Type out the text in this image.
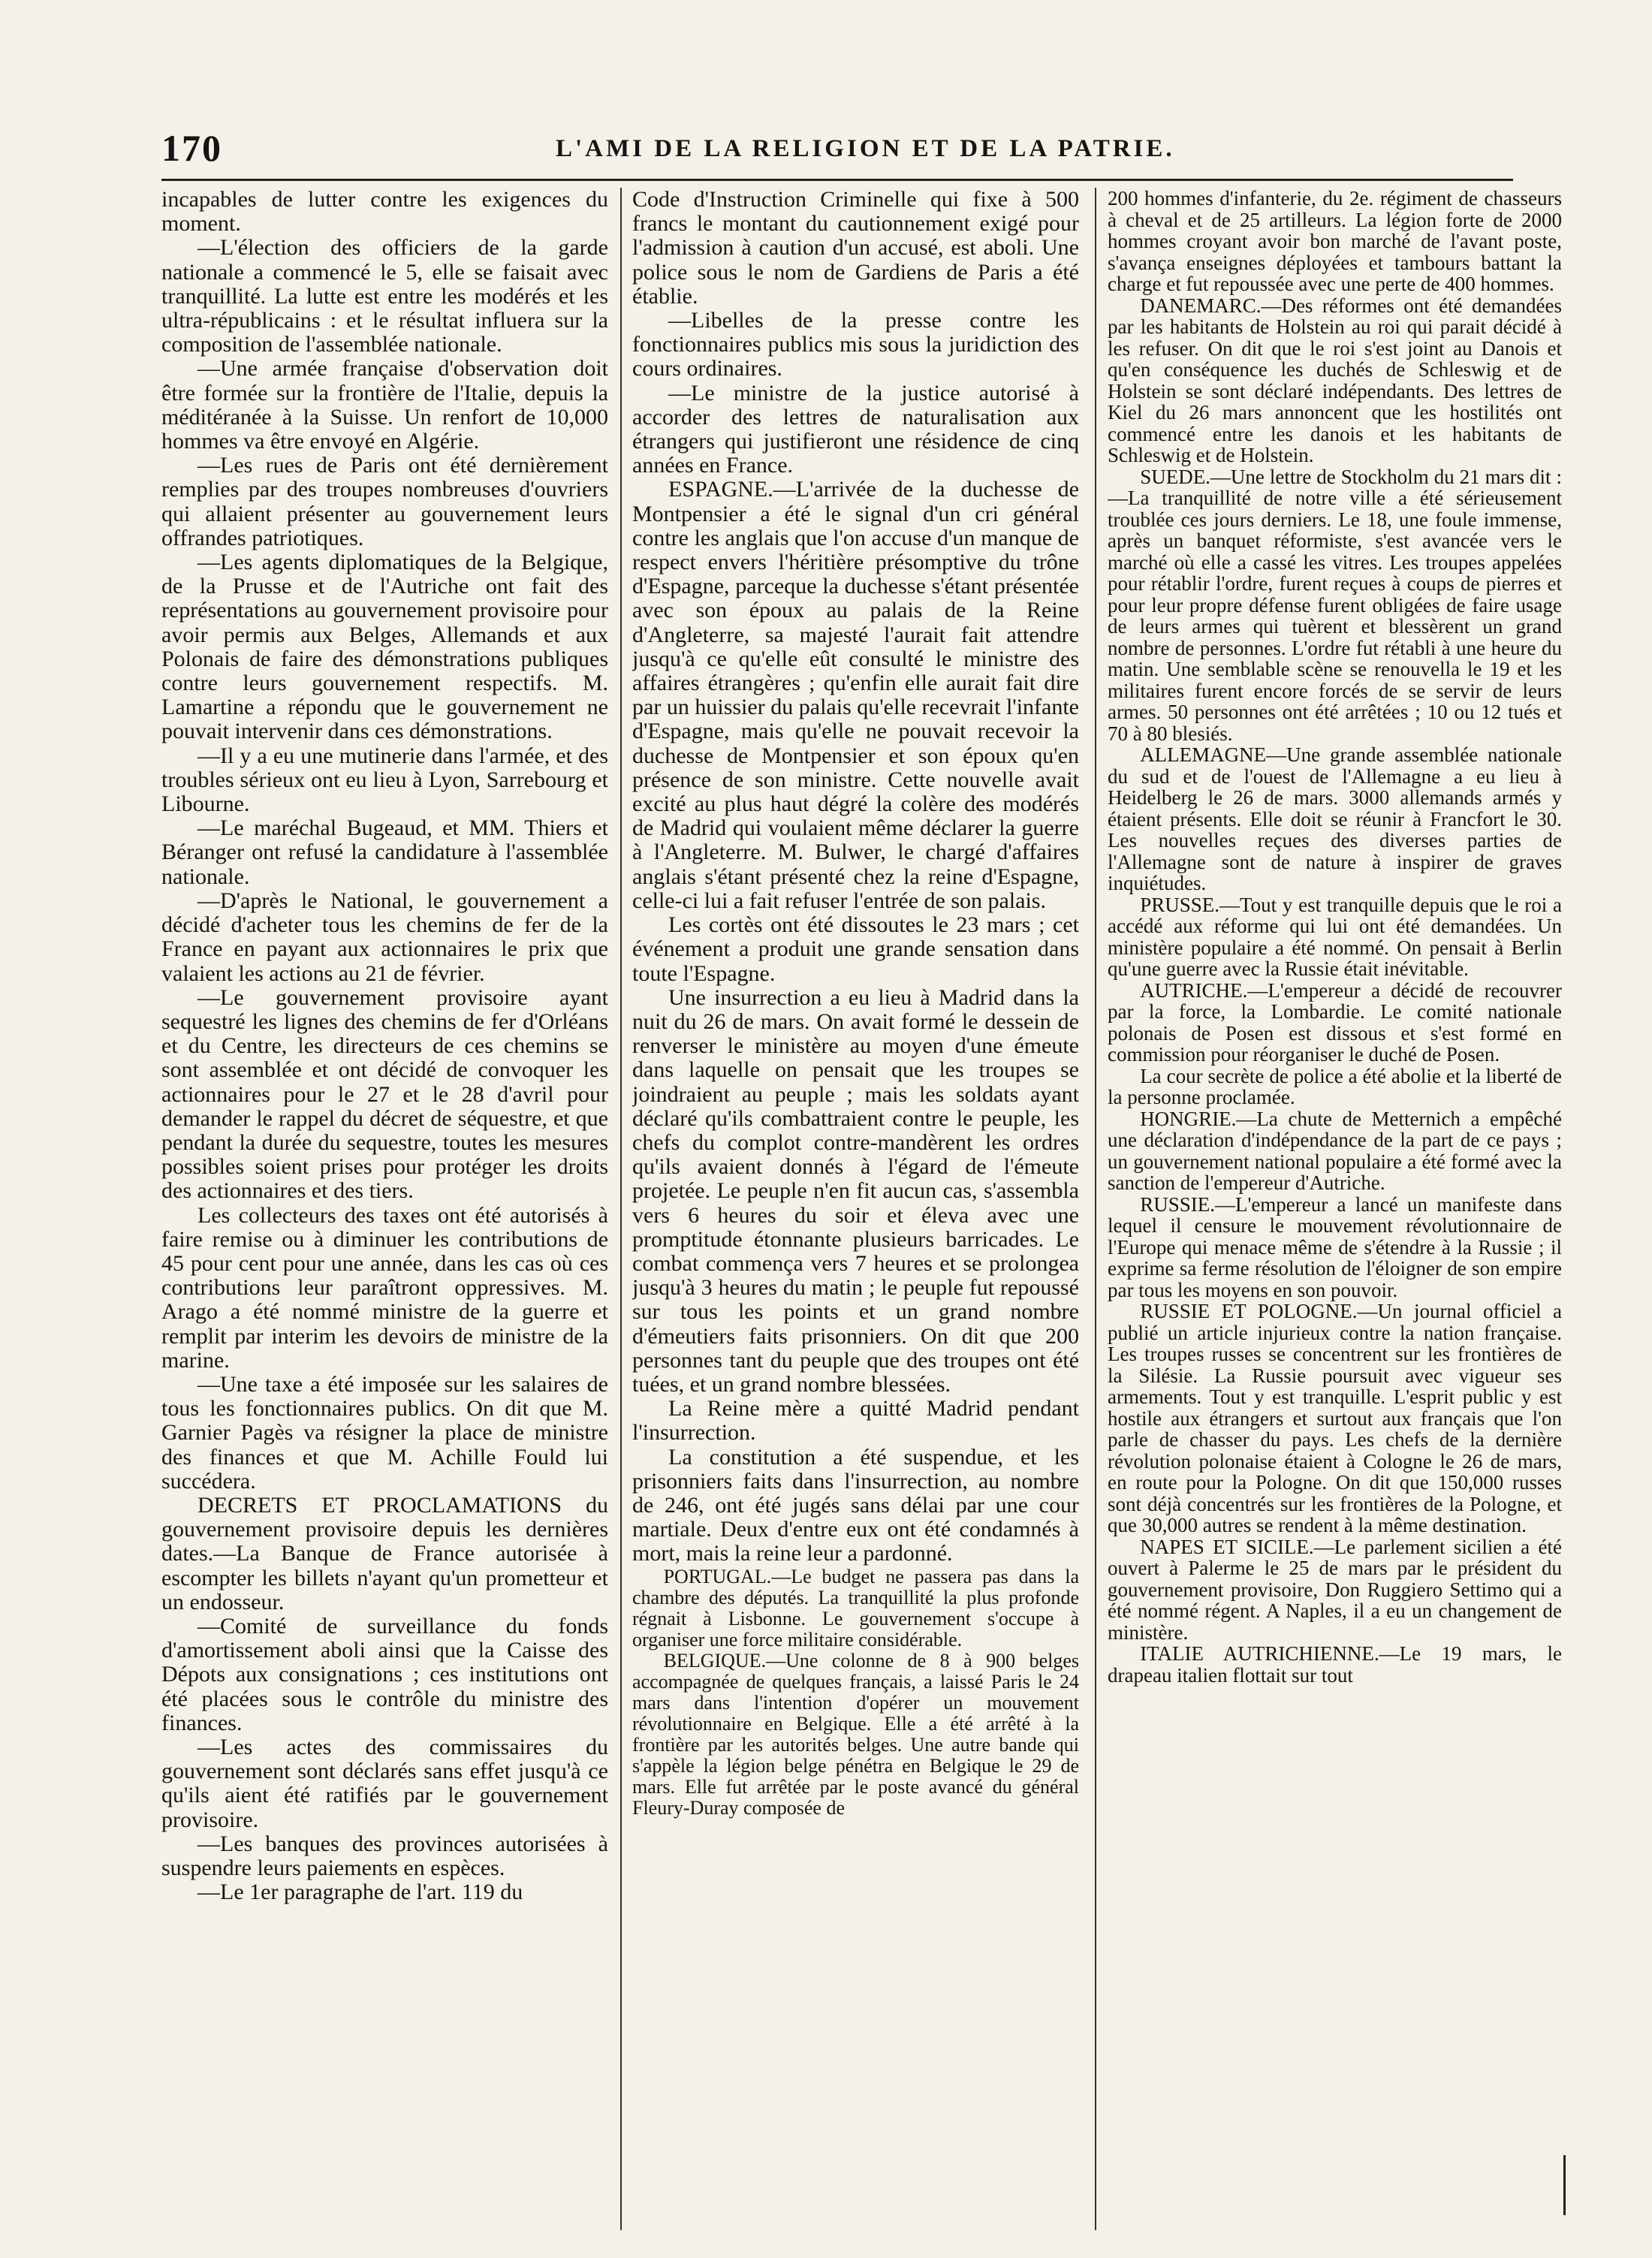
170	L'AMI DE LA RELIGION ET DE LA PATRIE.

incapables de lutter contre les exigences du moment.

—L'élection des officiers de la garde nationale a commencé le 5, elle se faisait avec tranquillité. La lutte est entre les modérés et les ultra-républicains : et le résultat influera sur la composition de l'assemblée nationale.

—Une armée française d'observation doit être formée sur la frontière de l'Italie, depuis la méditéranée à la Suisse. Un renfort de 10,000 hommes va être envoyé en Algérie.

—Les rues de Paris ont été dernièrement remplies par des troupes nombreuses d'ouvriers qui allaient présenter au gouvernement leurs offrandes patriotiques.

—Les agents diplomatiques de la Belgique, de la Prusse et de l'Autriche ont fait des représentations au gouvernement provisoire pour avoir permis aux Belges, Allemands et aux Polonais de faire des démonstrations publiques contre leurs gouvernement respectifs. M. Lamartine a répondu que le gouvernement ne pouvait intervenir dans ces démonstrations.

—Il y a eu une mutinerie dans l'armée, et des troubles sérieux ont eu lieu à Lyon, Sarrebourg et Libourne.

—Le maréchal Bugeaud, et MM. Thiers et Béranger ont refusé la candidature à l'assemblée nationale.

—D'après le National, le gouvernement a décidé d'acheter tous les chemins de fer de la France en payant aux actionnaires le prix que valaient les actions au 21 de février.

—Le gouvernement provisoire ayant sequestré les lignes des chemins de fer d'Orléans et du Centre, les directeurs de ces chemins se sont assemblée et ont décidé de convoquer les actionnaires pour le 27 et le 28 d'avril pour demander le rappel du décret de séquestre, et que pendant la durée du sequestre, toutes les mesures possibles soient prises pour protéger les droits des actionnaires et des tiers.

Les collecteurs des taxes ont été autorisés à faire remise ou à diminuer les contributions de 45 pour cent pour une année, dans les cas où ces contributions leur paraîtront oppressives. M. Arago a été nommé ministre de la guerre et remplit par interim les devoirs de ministre de la marine.

—Une taxe a été imposée sur les salaires de tous les fonctionnaires publics. On dit que M. Garnier Pagès va résigner la place de ministre des finances et que M. Achille Fould lui succédera.

DECRETS ET PROCLAMATIONS du gouvernement provisoire depuis les dernières dates.—La Banque de France autorisée à escompter les billets n'ayant qu'un prometteur et un endosseur.

—Comité de surveillance du fonds d'amortissement aboli ainsi que la Caisse des Dépots aux consignations ; ces institutions ont été placées sous le contrôle du ministre des finances.

—Les actes des commissaires du gouvernement sont déclarés sans effet jusqu'à ce qu'ils aient été ratifiés par le gouvernement provisoire.

—Les banques des provinces autorisées à suspendre leurs paiements en espèces.

—Le 1er paragraphe de l'art. 119 du

Code d'Instruction Criminelle qui fixe à 500 francs le montant du cautionnement exigé pour l'admission à caution d'un accusé, est aboli. Une police sous le nom de Gardiens de Paris a été établie.

—Libelles de la presse contre les fonctionnaires publics mis sous la juridiction des cours ordinaires.

—Le ministre de la justice autorisé à accorder des lettres de naturalisation aux étrangers qui justifieront une résidence de cinq années en France.

ESPAGNE.—L'arrivée de la duchesse de Montpensier a été le signal d'un cri général contre les anglais que l'on accuse d'un manque de respect envers l'héritière présomptive du trône d'Espagne, parceque la duchesse s'étant présentée avec son époux au palais de la Reine d'Angleterre, sa majesté l'aurait fait attendre jusqu'à ce qu'elle eût consulté le ministre des affaires étrangères ; qu'enfin elle aurait fait dire par un huissier du palais qu'elle recevrait l'infante d'Espagne, mais qu'elle ne pouvait recevoir la duchesse de Montpensier et son époux qu'en présence de son ministre. Cette nouvelle avait excité au plus haut dégré la colère des modérés de Madrid qui voulaient même déclarer la guerre à l'Angleterre. M. Bulwer, le chargé d'affaires anglais s'étant présenté chez la reine d'Espagne, celle-ci lui a fait refuser l'entrée de son palais.

Les cortès ont été dissoutes le 23 mars ; cet événement a produit une grande sensation dans toute l'Espagne.

Une insurrection a eu lieu à Madrid dans la nuit du 26 de mars. On avait formé le dessein de renverser le ministère au moyen d'une émeute dans laquelle on pensait que les troupes se joindraient au peuple ; mais les soldats ayant déclaré qu'ils combattraient contre le peuple, les chefs du complot contre-mandèrent les ordres qu'ils avaient donnés à l'égard de l'émeute projetée. Le peuple n'en fit aucun cas, s'assembla vers 6 heures du soir et éleva avec une promptitude étonnante plusieurs barricades. Le combat commença vers 7 heures et se prolongea jusqu'à 3 heures du matin ; le peuple fut repoussé sur tous les points et un grand nombre d'émeutiers faits prisonniers. On dit que 200 personnes tant du peuple que des troupes ont été tuées, et un grand nombre blessées.

La Reine mère a quitté Madrid pendant l'insurrection.

La constitution a été suspendue, et les prisonniers faits dans l'insurrection, au nombre de 246, ont été jugés sans délai par une cour martiale. Deux d'entre eux ont été condamnés à mort, mais la reine leur a pardonné.

PORTUGAL.—Le budget ne passera pas dans la chambre des députés. La tranquillité la plus profonde régnait à Lisbonne. Le gouvernement s'occupe à organiser une force militaire considérable.

BELGIQUE.—Une colonne de 8 à 900 belges accompagnée de quelques français, a laissé Paris le 24 mars dans l'intention d'opérer un mouvement révolutionnaire en Belgique. Elle a été arrêté à la frontière par les autorités belges. Une autre bande qui s'appèle la légion belge pénétra en Belgique le 29 de mars. Elle fut arrêtée par le poste avancé du général Fleury-Duray composée de

200 hommes d'infanterie, du 2e. régiment de chasseurs à cheval et de 25 artilleurs. La légion forte de 2000 hommes croyant avoir bon marché de l'avant poste, s'avança enseignes déployées et tambours battant la charge et fut repoussée avec une perte de 400 hommes.

DANEMARC.—Des réformes ont été demandées par les habitants de Holstein au roi qui parait décidé à les refuser. On dit que le roi s'est joint au Danois et qu'en conséquence les duchés de Schleswig et de Holstein se sont déclaré indépendants. Des lettres de Kiel du 26 mars annoncent que les hostilités ont commencé entre les danois et les habitants de Schleswig et de Holstein.

SUEDE.—Une lettre de Stockholm du 21 mars dit :—La tranquillité de notre ville a été sérieusement troublée ces jours derniers. Le 18, une foule immense, après un banquet réformiste, s'est avancée vers le marché où elle a cassé les vitres. Les troupes appelées pour rétablir l'ordre, furent reçues à coups de pierres et pour leur propre défense furent obligées de faire usage de leurs armes qui tuèrent et blessèrent un grand nombre de personnes. L'ordre fut rétabli à une heure du matin. Une semblable scène se renouvella le 19 et les militaires furent encore forcés de se servir de leurs armes. 50 personnes ont été arrêtées ; 10 ou 12 tués et 70 à 80 blesiés.

ALLEMAGNE—Une grande assemblée nationale du sud et de l'ouest de l'Allemagne a eu lieu à Heidelberg le 26 de mars. 3000 allemands armés y étaient présents. Elle doit se réunir à Francfort le 30. Les nouvelles reçues des diverses parties de l'Allemagne sont de nature à inspirer de graves inquiétudes.

PRUSSE.—Tout y est tranquille depuis que le roi a accédé aux réforme qui lui ont été demandées. Un ministère populaire a été nommé. On pensait à Berlin qu'une guerre avec la Russie était inévitable.

AUTRICHE.—L'empereur a décidé de recouvrer par la force, la Lombardie. Le comité nationale polonais de Posen est dissous et s'est formé en commission pour réorganiser le duché de Posen.

La cour secrète de police a été abolie et la liberté de la personne proclamée.

HONGRIE.—La chute de Metternich a empêché une déclaration d'indépendance de la part de ce pays ; un gouvernement national populaire a été formé avec la sanction de l'empereur d'Autriche.

RUSSIE.—L'empereur a lancé un manifeste dans lequel il censure le mouvement révolutionnaire de l'Europe qui menace même de s'étendre à la Russie ; il exprime sa ferme résolution de l'éloigner de son empire par tous les moyens en son pouvoir.

RUSSIE ET POLOGNE.—Un journal officiel a publié un article injurieux contre la nation française. Les troupes russes se concentrent sur les frontières de la Silésie. La Russie poursuit avec vigueur ses armements. Tout y est tranquille. L'esprit public y est hostile aux étrangers et surtout aux français que l'on parle de chasser du pays. Les chefs de la dernière révolution polonaise étaient à Cologne le 26 de mars, en route pour la Pologne. On dit que 150,000 russes sont déjà concentrés sur les frontières de la Pologne, et que 30,000 autres se rendent à la même destination.

NAPES ET SICILE.—Le parlement sicilien a été ouvert à Palerme le 25 de mars par le président du gouvernement provisoire, Don Ruggiero Settimo qui a été nommé régent. A Naples, il a eu un changement de ministère.

ITALIE AUTRICHIENNE.—Le 19 mars, le drapeau italien flottait sur tout
